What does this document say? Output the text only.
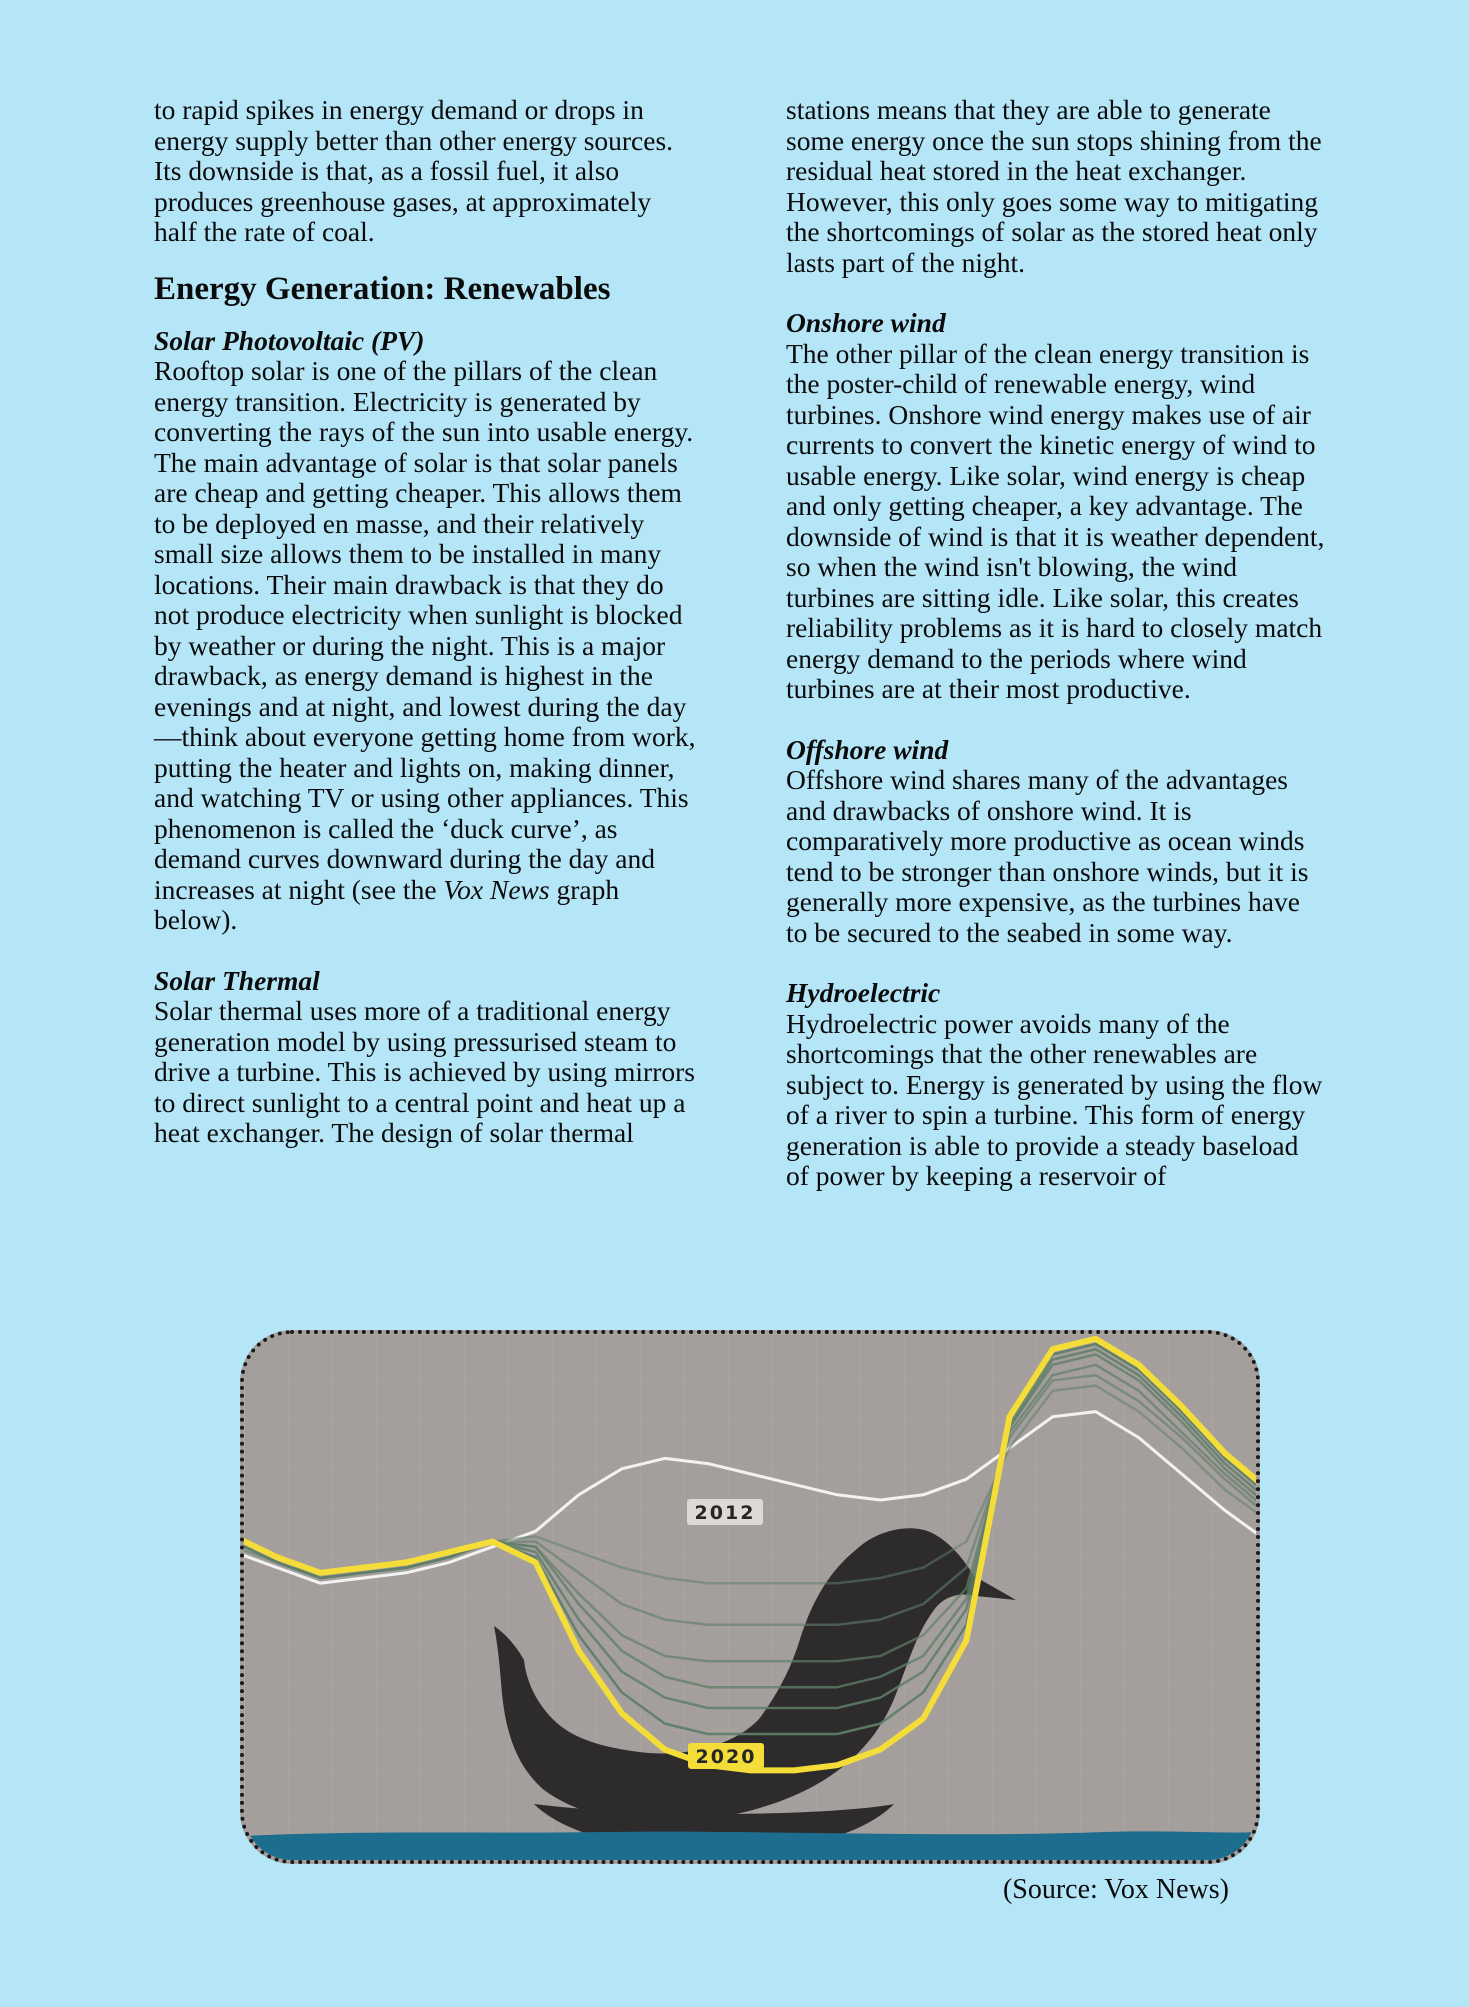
to rapid spikes in energy demand or drops in energy supply better than other energy sources. Its downside is that, as a fossil fuel, it also produces greenhouse gases, at approximately half the rate of coal.

Energy Generation: Renewables
Solar Photovoltaic (PV)

Rooftop solar is one of the pillars of the clean energy transition. Electricity is generated by converting the rays of the sun into usable energy. The main advantage of solar is that solar panels are cheap and getting cheaper. This allows them to be deployed en masse, and their relatively small size allows them to be installed in many locations. Their main drawback is that they do not produce electricity when sunlight is blocked by weather or during the night. This is a major drawback, as energy demand is highest in the evenings and at night, and lowest during the day—think about everyone getting home from work, putting the heater and lights on, making dinner, and watching TV or using other appliances. This phenomenon is called the ‘duck curve’, as demand curves downward during the day and increases at night (see the Vox News graph below).

Solar Thermal

Solar thermal uses more of a traditional energy generation model by using pressurised steam to drive a turbine. This is achieved by using mirrors to direct sunlight to a central point and heat up a heat exchanger. The design of solar thermal

stations means that they are able to generate some energy once the sun stops shining from the residual heat stored in the heat exchanger. However, this only goes some way to mitigating the shortcomings of solar as the stored heat only lasts part of the night.

Onshore wind

The other pillar of the clean energy transition is the poster-child of renewable energy, wind turbines. Onshore wind energy makes use of air currents to convert the kinetic energy of wind to usable energy. Like solar, wind energy is cheap and only getting cheaper, a key advantage. The downside of wind is that it is weather dependent, so when the wind isn't blowing, the wind turbines are sitting idle. Like solar, this creates reliability problems as it is hard to closely match energy demand to the periods where wind turbines are at their most productive.

Offshore wind

Offshore wind shares many of the advantages and drawbacks of onshore wind. It is comparatively more productive as ocean winds tend to be stronger than onshore winds, but it is generally more expensive, as the turbines have to be secured to the seabed in some way.

Hydroelectric

Hydroelectric power avoids many of the shortcomings that the other renewables are subject to. Energy is generated by using the flow of a river to spin a turbine. This form of energy generation is able to provide a steady baseload of power by keeping a reservoir of

2012
2020
(Source: Vox News)
